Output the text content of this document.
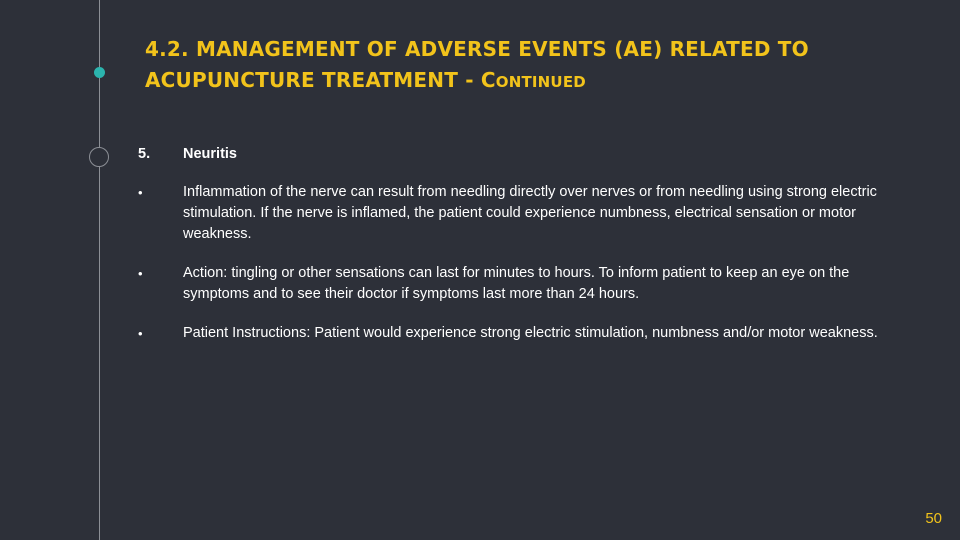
4.2. MANAGEMENT OF ADVERSE EVENTS (AE) RELATED TO
ACUPUNCTURE TREATMENT - CONTINUED
5. Neuritis
•	Inflammation of the nerve can result from needling directly over nerves or from needling using strong electric stimulation. If the nerve is inflamed, the patient could experience numbness, electrical sensation or motor weakness.
•	Action: tingling or other sensations can last for minutes to hours. To inform patient to keep an eye on the symptoms and to see their doctor if symptoms last more than 24 hours.
•	Patient Instructions: Patient would experience strong electric stimulation, numbness and/or motor weakness.
50
